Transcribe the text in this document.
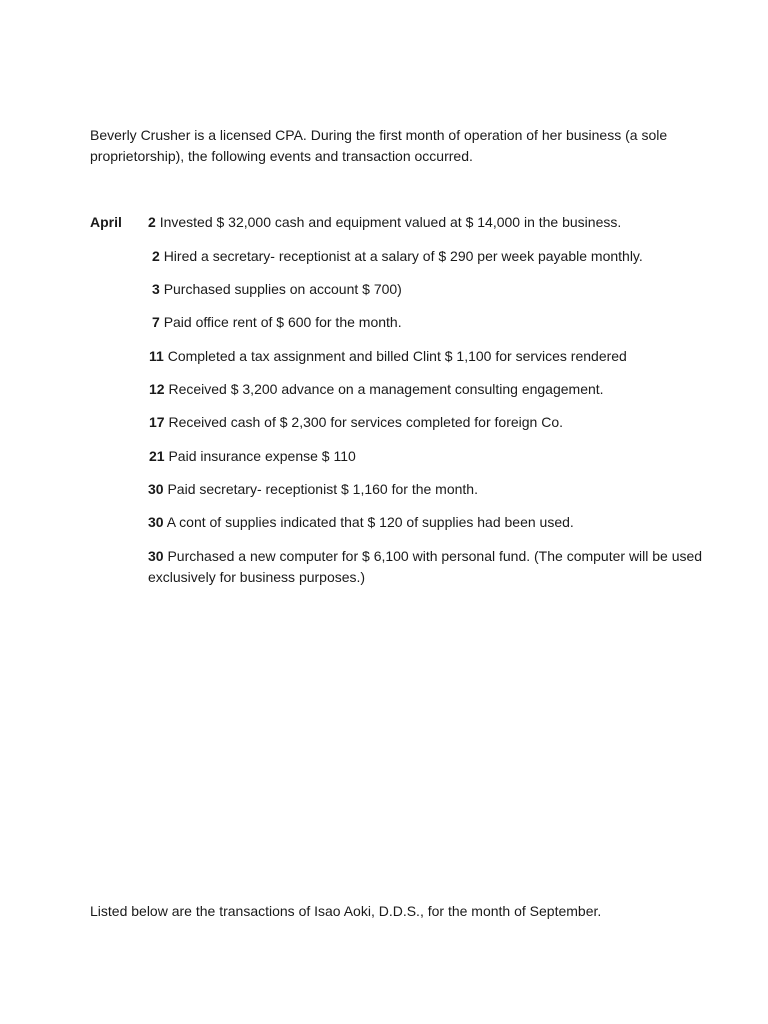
Beverly Crusher is a licensed CPA. During the first month of operation of her business (a sole proprietorship), the following events and transaction occurred.

April 2 Invested $ 32,000 cash and equipment valued at $ 14,000 in the business.

2 Hired a secretary- receptionist at a salary of $ 290 per week payable monthly.

3 Purchased supplies on account $ 700)

7 Paid office rent of $ 600 for the month.

11 Completed a tax assignment and billed Clint $ 1,100 for services rendered

12 Received $ 3,200 advance on a management consulting engagement.

17 Received cash of $ 2,300 for services completed for foreign Co.

21 Paid insurance expense $ 110

30 Paid secretary- receptionist $ 1,160 for the month.

30 A cont of supplies indicated that $ 120 of supplies had been used.

30 Purchased a new computer for $ 6,100 with personal fund. (The computer will be used exclusively for business purposes.)

Listed below are the transactions of Isao Aoki, D.D.S., for the month of September.
